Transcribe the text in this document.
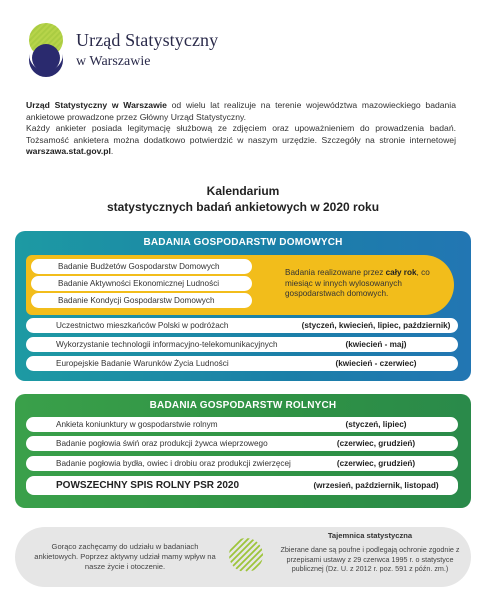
Urząd Statystyczny
w Warszawie
Urząd Statystyczny w Warszawie od wielu lat realizuje na terenie województwa mazowieckiego badania ankietowe prowadzone przez Główny Urząd Statystyczny.
Każdy ankieter posiada legitymację służbową ze zdjęciem oraz upoważnieniem do prowadzenia badań. Tożsamość ankietera można dodatkowo potwierdzić w naszym urzędzie. Szczegóły na stronie internetowej warszawa.stat.gov.pl.
Kalendarium
statystycznych badań ankietowych w 2020 roku
BADANIA GOSPODARSTW DOMOWYCH
Badanie Budżetów Gospodarstw Domowych
Badanie Aktywności Ekonomicznej Ludności
Badanie Kondycji Gospodarstw Domowych
Badania realizowane przez cały rok, co miesiąc w innych wylosowanych gospodarstwach domowych.
Uczestnictwo mieszkańców Polski w podróżach	(styczeń, kwiecień, lipiec, październik)
Wykorzystanie technologii informacyjno-telekomunikacyjnych	(kwiecień - maj)
Europejskie Badanie Warunków Życia Ludności	(kwiecień - czerwiec)
BADANIA GOSPODARSTW ROLNYCH
Ankieta koniunktury w gospodarstwie rolnym	(styczeń, lipiec)
Badanie pogłowia świń oraz produkcji żywca wieprzowego	(czerwiec, grudzień)
Badanie pogłowia bydła, owiec i drobiu oraz produkcji zwierzęcej	(czerwiec, grudzień)
POWSZECHNY SPIS ROLNY PSR 2020	(wrzesień, październik, listopad)
Gorąco zachęcamy do udziału w badaniach ankietowych. Poprzez aktywny udział mamy wpływ na nasze życie i otoczenie.
Tajemnica statystyczna
Zbierane dane są poufne i podlegają ochronie zgodnie z przepisami ustawy z 29 czerwca 1995 r. o statystyce publicznej (Dz. U. z 2012 r. poz. 591 z późn. zm.)
